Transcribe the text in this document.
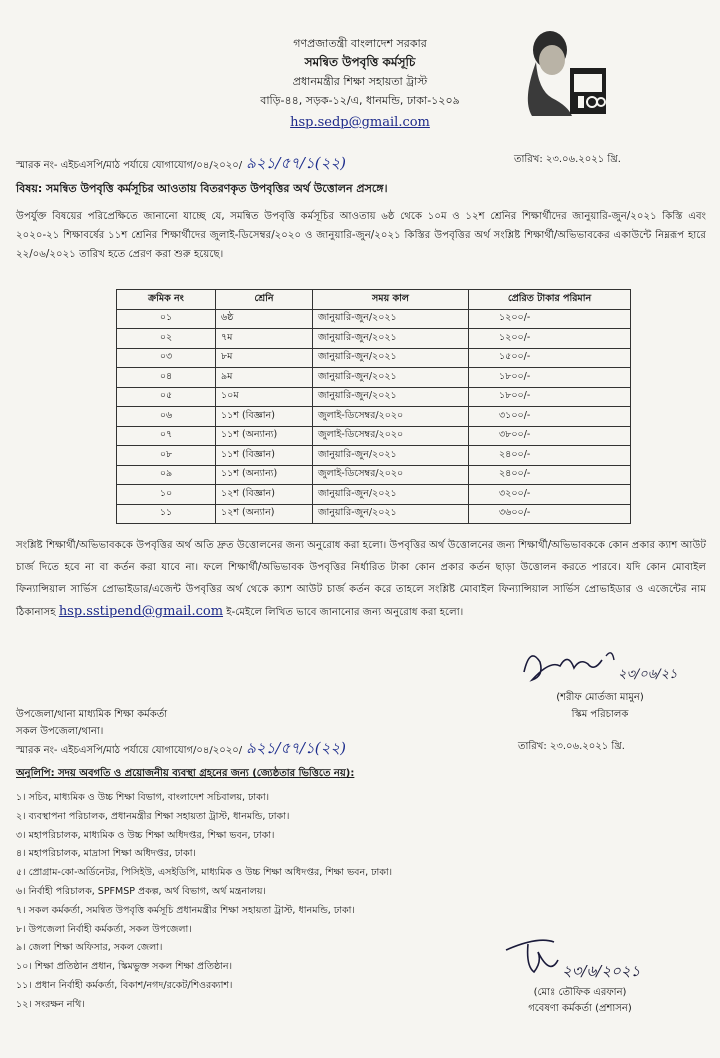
গণপ্রজাতন্ত্রী বাংলাদেশ সরকার
সমন্বিত উপবৃত্তি কর্মসূচি
প্রধানমন্ত্রীর শিক্ষা সহায়তা ট্রাস্ট
বাড়ি-৪৪, সড়ক-১২/এ, ধানমন্ডি, ঢাকা-১২০৯
hsp.sedp@gmail.com
স্মারক নং- এইচএসপি/মাঠ পর্যায়ে যোগাযোগ/০৪/২০২০/ ৯২১/৫৭/১(২২)	তারিখ: ২৩.০৬.২০২১ খ্রি.
বিষয়: সমন্বিত উপবৃত্তি কর্মসূচির আওতায় বিতরণকৃত উপবৃত্তির অর্থ উত্তোলন প্রসঙ্গে।
উপর্যুক্ত বিষয়ের পরিপ্রেক্ষিতে জানানো যাচ্ছে যে, সমন্বিত উপবৃত্তি কর্মসূচির আওতায় ৬ষ্ঠ থেকে ১০ম ও ১২শ শ্রেনির শিক্ষার্থীদের জানুয়ারি-জুন/২০২১ কিস্তি এবং ২০২০-২১ শিক্ষাবর্ষের ১১শ শ্রেনির শিক্ষার্থীদের জুলাই-ডিসেম্বর/২০২০ ও জানুয়ারি-জুন/২০২১ কিস্তির উপবৃত্তির অর্থ সংশ্লিষ্ট শিক্ষার্থী/অভিভাবকের একাউন্টে নিম্নরূপ হারে ২২/০৬/২০২১ তারিখ হতে প্রেরণ করা শুরু হয়েছে।
ক্রমিক নং	শ্রেনি	সময় কাল	প্রেরিত টাকার পরিমান
০১	৬ষ্ঠ	জানুয়ারি-জুন/২০২১	১২০০/-
০২	৭ম	জানুয়ারি-জুন/২০২১	১২০০/-
০৩	৮ম	জানুয়ারি-জুন/২০২১	১৫০০/-
০৪	৯ম	জানুয়ারি-জুন/২০২১	১৮০০/-
০৫	১০ম	জানুয়ারি-জুন/২০২১	১৮০০/-
০৬	১১শ (বিজ্ঞান)	জুলাই-ডিসেম্বর/২০২০	৩১০০/-
০৭	১১শ (অন্যান্য)	জুলাই-ডিসেম্বর/২০২০	৩৮০০/-
০৮	১১শ (বিজ্ঞান)	জানুয়ারি-জুন/২০২১	২৪০০/-
০৯	১১শ (অন্যান্য)	জুলাই-ডিসেম্বর/২০২০	২৪০০/-
১০	১২শ (বিজ্ঞান)	জানুয়ারি-জুন/২০২১	৩২০০/-
১১	১২শ (অন্যান)	জানুয়ারি-জুন/২০২১	৩৬০০/-
সংশ্লিষ্ট শিক্ষার্থী/অভিভাবককে উপবৃত্তির অর্থ অতি দ্রুত উত্তোলনের জন্য অনুরোধ করা হলো। উপবৃত্তির অর্থ উত্তোলনের জন্য শিক্ষার্থী/অভিভাবককে কোন প্রকার ক্যাশ আউট চার্জ দিতে হবে না বা কর্তন করা যাবে না। ফলে শিক্ষার্থী/অভিভাবক উপবৃত্তির নির্ধারিত টাকা কোন প্রকার কর্তন ছাড়া উত্তোলন করতে পারবে। যদি কোন মোবাইল ফিন্যান্সিয়াল সার্ভিস প্রোভাইডার/এজেন্ট উপবৃত্তির অর্থ থেকে ক্যাশ আউট চার্জ কর্তন করে তাহলে সংশ্লিষ্ট মোবাইল ফিন্যান্সিয়াল সার্ভিস প্রোভাইডার ও এজেন্টের নাম ঠিকানাসহ hsp.sstipend@gmail.com ই-মেইলে লিখিত ভাবে জানানোর জন্য অনুরোধ করা হলো।
২৩/০৬/২১
(শরীফ মোর্তজা মামুন)
স্কিম পরিচালক
উপজেলা/থানা মাধ্যমিক শিক্ষা কর্মকর্তা
সকল উপজেলা/থানা।
স্মারক নং- এইচএসপি/মাঠ পর্যায়ে যোগাযোগ/০৪/২০২০/ ৯২১/৫৭/১(২২)	তারিখ: ২৩.০৬.২০২১ খ্রি.
অনুলিপি: সদয় অবগতি ও প্রয়োজনীয় ব্যবস্থা গ্রহনের জন্য (জ্যেষ্ঠতার ভিত্তিতে নয়):
১। সচিব, মাধ্যমিক ও উচ্চ শিক্ষা বিভাগ, বাংলাদেশ সচিবালয়, ঢাকা।
২। ব্যবস্থাপনা পরিচালক, প্রধানমন্ত্রীর শিক্ষা সহায়তা ট্রাস্ট, ধানমন্ডি, ঢাকা।
৩। মহাপরিচালক, মাধ্যমিক ও উচ্চ শিক্ষা অধিদপ্তর, শিক্ষা ভবন, ঢাকা।
৪। মহাপরিচালক, মাদ্রাসা শিক্ষা অধিদপ্তর, ঢাকা।
৫। প্রোগ্রাম-কো-অর্ডিনেটর, পিসিইউ, এসইডিপি, মাধ্যমিক ও উচ্চ শিক্ষা অধিদপ্তর, শিক্ষা ভবন, ঢাকা।
৬। নির্বাহী পরিচালক, SPFMSP প্রকল্প, অর্থ বিভাগ, অর্থ মন্ত্রনালয়।
৭। সকল কর্মকর্তা, সমন্বিত উপবৃত্তি কর্মসূচি প্রধানমন্ত্রীর শিক্ষা সহায়তা ট্রাস্ট, ধানমন্ডি, ঢাকা।
৮। উপজেলা নির্বাহী কর্মকর্তা, সকল উপজেলা।
৯। জেলা শিক্ষা অফিসার, সকল জেলা।
১০। শিক্ষা প্রতিষ্ঠান প্রধান, স্কিমভুক্ত সকল শিক্ষা প্রতিষ্ঠান।
১১। প্রধান নির্বাহী কর্মকর্তা, বিকাশ/নগদ/রকেট/শিওরক্যাশ।
১২। সংরক্ষন নথি।
২৩/৬/২০২১
(মোঃ তৌফিক এরফান)
গবেষণা কর্মকর্তা (প্রশাসন)
